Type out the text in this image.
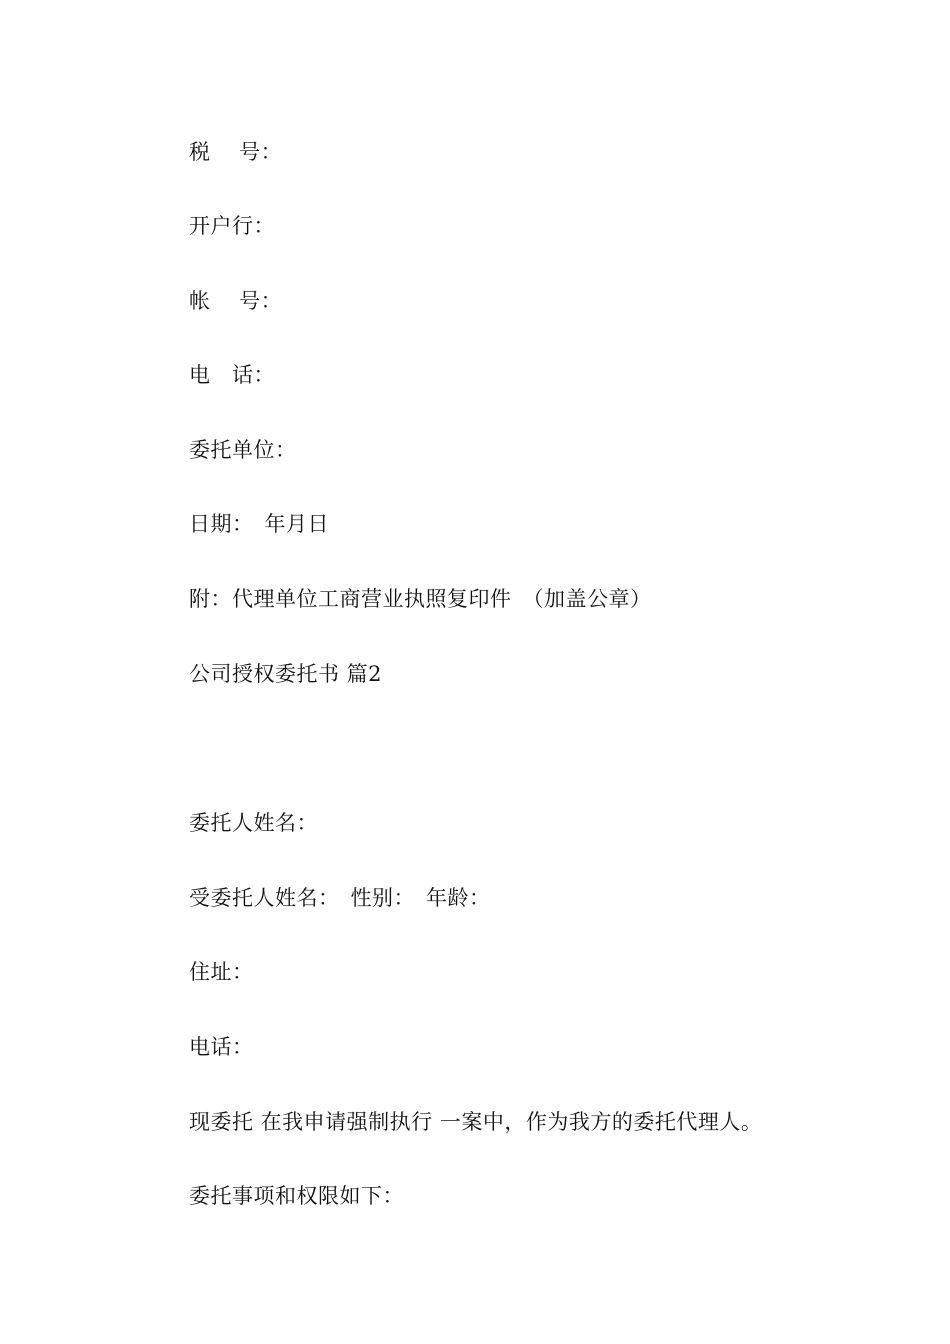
税　 号：
开户行：
帐　 号：
电　话：
委托单位：
日期：　年月日
附：代理单位工商营业执照复印件　（加盖公章）
公司授权委托书 篇2
委托人姓名：
受委托人姓名：　性别：　年龄：
住址：
电话：
现委托 在我申请强制执行 一案中，作为我方的委托代理人。
委托事项和权限如下：
